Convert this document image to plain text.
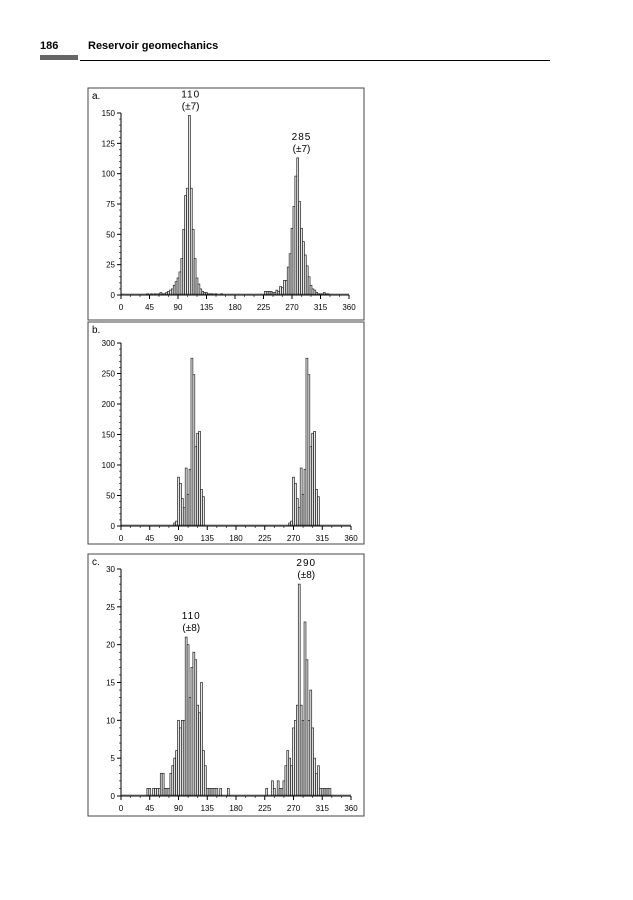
186	Reservoir geomechanics
a.
0
25
50
75
100
125
150
0	45 90 135 180 225 270 315 360
110
(±7)
285
(±7)
b.
0
50
100
150
200
250
300
0	45 90 135 180 225 270 315 360
c.
0
5
10
15
20
25
30
0	45 90 135 180 225 270 315 360
110
(±8)
290
(±8)
